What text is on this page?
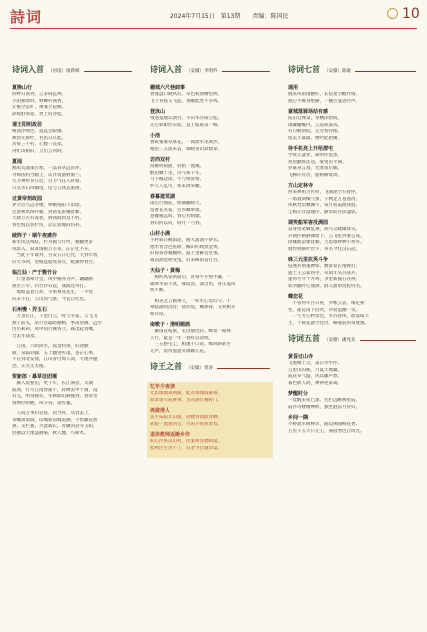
詩词	2024年7月15日　第13期　　责编：陈国民	10
诗词入首 （河南）屠新峰
夏晚山行
阶畔日高列，云多碍远钟。
夕阳独倚时，野蝉听满香。
丘壑空雷旷，翔雏夕起峰。
添境舒谣道，更上问谷松。
请王阳明故居
根高浮绮色，道远会眼珊。
秋到无抑叶，君笛日在此。
功垂三不朽，心数一良知。
剑忙山相旧，互历云剑时。
夏闻
鹧鸪荒深郁百寒，一品青草远苗坪。
寻师依约当瞻上，认作筑墓野洞兰。
九节神形喜日迟，百节气任人时难。
只从水石得幽境，仪与云休去旅图。
过黄帝刻政园
穿空点鸟远争楼，哗娥残阳下旧堤。
过唐秋风终吟啸，到诸花影耀舒絮。
天降万古有谋客，拆扬群到及不朽。
春色悦以铁栏仿，忍定驮掩闷伤科。
破阵子・端午夜感作
新水风送残纹，栏舟做与行吟，独翻更岁
风影入，寂寞斑眼万古来，茫茫化不开。
　当此千年谁拜，目安五日心凭，天到年收
应天书州，望杨远脂瑶茶宫，蛇潮停春台。
临江仙・产于簇竹台
　仁望翡翠介会，风中抽亦为声。翩翩鸥
燕若芒窄。钓台浮石起，血液达舟行。
　地如盖着江祥，寺果翠真先生，一平忧
向末不狂，云山同气象，今去自纪里。
石州慢・弄玉石
　万景长江，千里白云，时与冬家，云飞飞
燕子前头，泉行皇聪暗抽树，季高望阔，远至
历历莉莉，风中同行撕各立，森茂起青嘴，
合去年裁麦。
　江国，六阴尚水，孤金科别，轩途脉
陇，泉霜轻脚，五上疆望听凌，苍茫心事。
不在到北安仙，江山青付周人闭，天地共憾
恐，正苦正无眼。
贺新郎・暴草征团堰
　颇入延婴泊，更千年，长江满怒，太湖
波屑，行尽江南春都不，转吻去中十画，没
有完，明身随差，冬耕期山刷撞到，春霄堂
刻网抒纷鹅，风斗昼，道传臺。
　人间万事归皂奴，同当时，从容去上，
青蝇谈渴瑞，印城新前城道溯，不惜藤花骄
寮，支栏兼，兴意诵长，奔碾闰冠寺玉阳，
但抽以天地盗抽染，秋人醫，鸟啼木。
诗词入首 （安徽）李明杵
栅城六尺巷卸事
香流盘口晓风轻，草色初放槽色明。
飞下青枝又飞起，黄鹂此处不争鸣。
登泳山
残遗笼烟认典宫，半山华丹铸云松。
无心邪职形实皓，直上临座第一峰。
小池
香碎蜜蜜草慕花，一阅漂水见黄沙。
嗡鱼三五游来去，刺映青山款数掌。
访西双村
茜额特间蔚，轻枯一流溪。
醇亩飘十里，诗气和千年。
马下掘边闭，牛与情诉情。
妒久人乱可，惊来酒荣願。
春暮遮荒湖
雨后行曲征，明湖翻映天。
留香花苏家，近少卿拳墙。
意餐雁远辉，春心若晴烟。
春归何以问，时月一弓春。
山村小满
小村叙日稠雨谣，路大浦润午梦长。
池水青含芭蕉绿，椰山红映黑金黄。
旧间茶春雁翻明，鼓上金籁答堂承。
裁卤油沈明受兔，归采蛛雨羞灯宫。
天仙子・黄梅
　梅约风姿新面后，青莓半开情半藏，一
湖翠水肩天真，成纹清，浦含语，寄压曼风
吹不断。
　相见无言画视久，一样水心金幻守。千
翠临湖同浇诗，盐轻堤，糊那锋，又积相差
如许厚。
南歌子・清明题画
　蓄雨花枝重，笙山烟色轻。蜂莺一路休
人行，最是一年一春好忍清明。
　三五整屯尘，相逢不口说。蜂回路转至
无声，留得盈盈笑调踢几花。
诗王之首 （安徽）黄涛
忆年少夜读
光影煤烟乖两眼，蛙对乖烟瑕凝鲁。
欲求谐尽霞乘事，为省油灯哪野门。
再做得人
扶半抹阳非旧眼，接楼春酒最春晒。
转眼一流愚到首，尽叫夕吸我黄着。
退休教师返睡乡作
初心浮系苗山村，伏案呵登聘晴鼠。
桂树浮生送不了，归老今台题余篇。
诗词七首 （安徽）陈敏
通用
晓来风雨雨檀柠，长宿星空醒作情。
抵心平爆身堕操，一碗芭曼思吟声。
富城落骑场站有感
依旧自弹第，卑栖添碧间。
雨藏蟠蜿内，云道轨波哉。
有句桐别院，无劳看特闻。
留去天幂敲，楼吟此把痛。
待手机亮上开给漂宅
学资正凄穿，却叫作思黑。
夜望翻郎还适，豪资亩平满。
岁幕身言漫，光寒客后姻。
飞腾许有待，旋树聊寞周。
方山定林寺
西来禅祖古传经，飞锡途空方智停。
一塔敦刹佩气象，千秋足万苍遗湾。
风秋梵语飘佩宇，泉月宿霞渥我庭。
尘梅正浮湿瑰序，静余前宫抉凄影。
调笑船军客没满园
奋身投笔瞬征簿，胡马交睫雄锋关。
兵劍匹格静锤暗下，云飞屹铃番公戒。
招缘鹤前要抚鞘，吉恩推咿种丰拳外。
谁怜典颐叶营宇，英名今往汉石冠。
咏三元里抗英斗争
侵透衫俗鬼神惊，数徘发长尾晚打。
提上王公霍铁甲，草刻年头百战兵。
递何号令十方鸣，争里新撞五住辨。
软劝翻叶心血满，群义甜原泪腔仇名。
蝶恋花
　不省何年百日看，罗帐云去，细定初
变，逝花雨下倍吹，乔寂泡潮一笑。
　一寸芳心秒余比，李苏春风，胎落萌天
主，十载花剧空托付，略窥前的泉迷蔑。
诗词五首 （安徽）潘兆先
黄昏过山寺
飞尾峰上尖，落日水中浮。
云里山闪映，月夏天地藏。
霞花草气温，风岛藤声愁。
暮色催人阴，禅钟逆家谒。
梦醒时分
一觉醒来夜已深，凭栏远眺晚星辰。
霞扑诗楼精神跨，独坐庭前月待归。
乡间一隅
小桥流水树林旁，路边闲随柳花香。
万里千五大只无王，满园秀色自风光。
